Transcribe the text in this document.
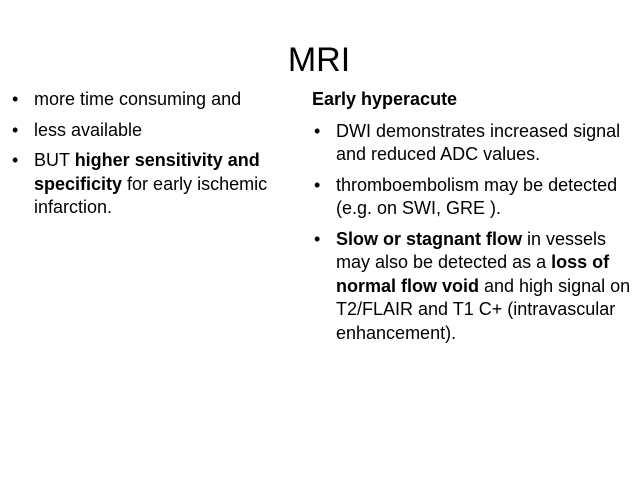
MRI
• more time consuming and
• less available
• BUT higher sensitivity and specificity for early ischemic infarction.
Early hyperacute
• DWI demonstrates increased signal and reduced ADC values.
• thromboembolism may be detected (e.g. on SWI, GRE ).
• Slow or stagnant flow in vessels may also be detected as a loss of normal flow void and high signal on T2/FLAIR and T1 C+ (intravascular enhancement).
